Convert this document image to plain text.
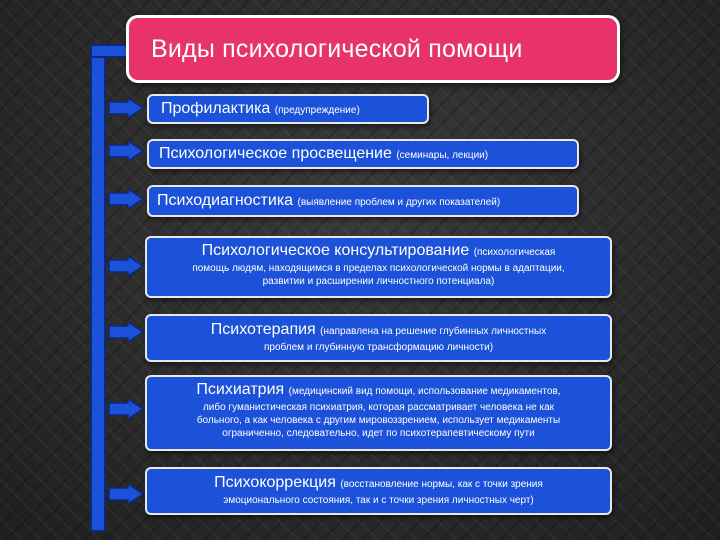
Виды психологической помощи
Профилактика (предупреждение)
Психологическое просвещение (семинары, лекции)
Психодиагностика (выявление проблем и других показателей)
Психологическое консультирование (психологическая
помощь людям, находящимся в пределах психологической нормы в адаптации,
развитии и расширении личностного потенциала)
Психотерапия (направлена на решение глубинных личностных
проблем и глубинную трансформацию личности)
Психиатрия (медицинский вид помощи, использование медикаментов,
либо гуманистическая психиатрия, которая рассматривает человека не как
больного, а как человека с другим мировоззрением, использует медикаменты
ограниченно, следовательно, идет по психотерапевтическому пути
Психокоррекция (восстановление нормы, как с точки зрения
эмоционального состояния, так и с точки зрения личностных черт)
